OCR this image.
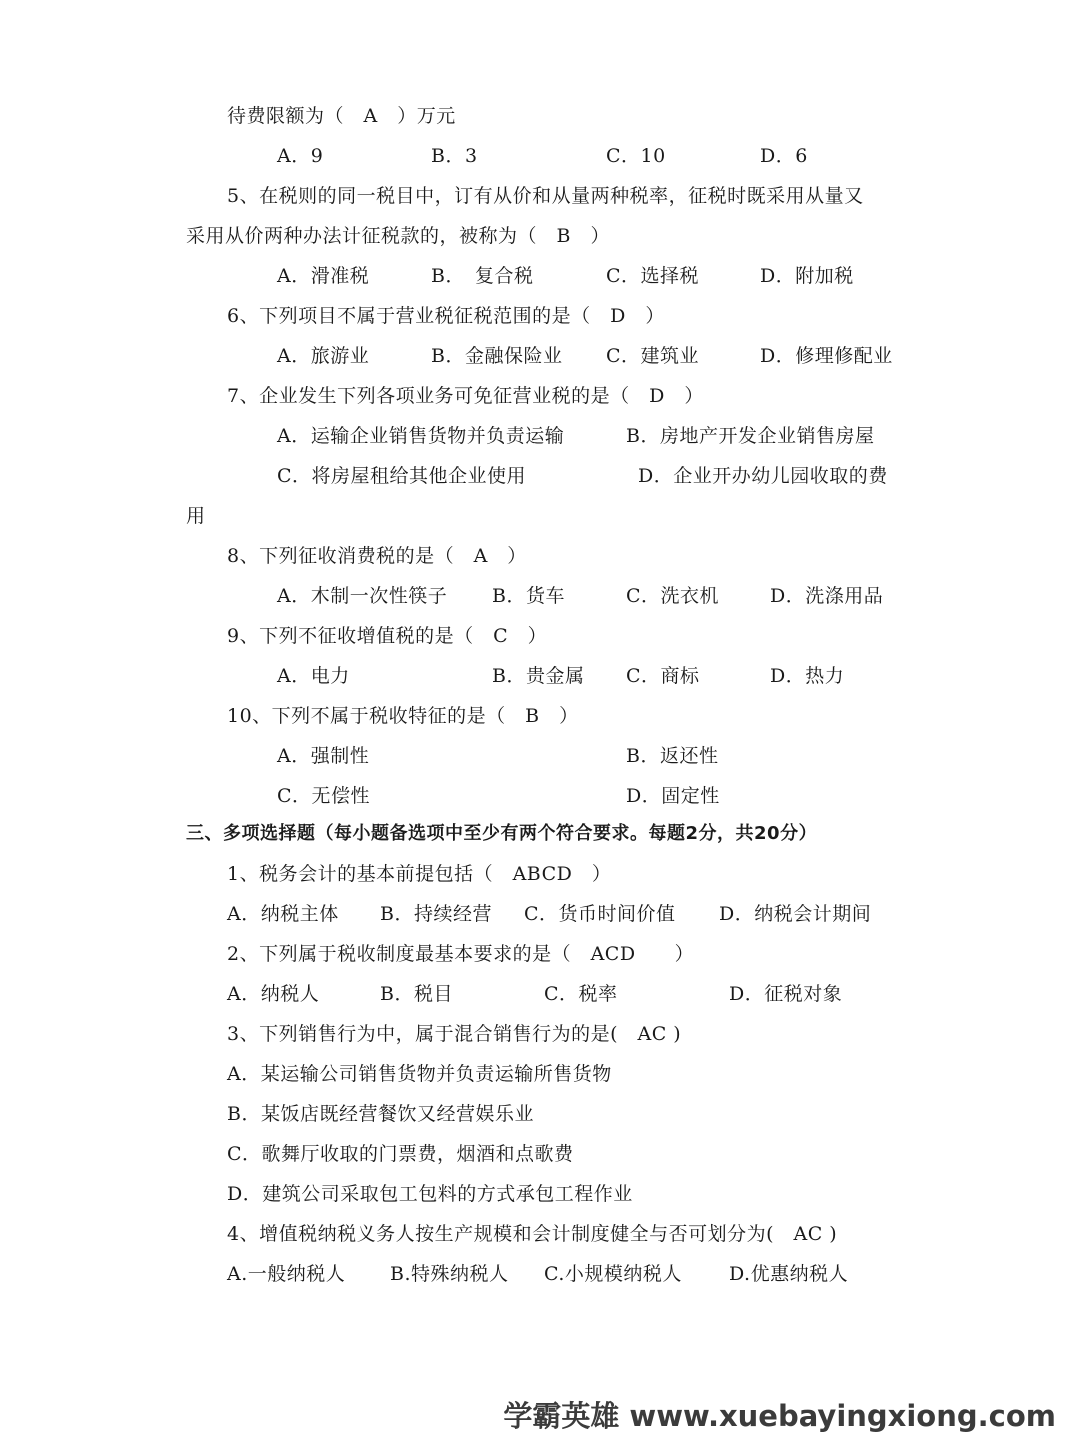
待费限额为（　A　）万元
A．9	B．3	C．10	D．6
5、在税则的同一税目中，订有从价和从量两种税率，征税时既采用从量又
采用从价两种办法计征税款的，被称为（　B　）
A．滑准税	B．　复合税	C．选择税	D．附加税
6、下列项目不属于营业税征税范围的是（　D　）
A．旅游业	B．金融保险业 C．建筑业	D．修理修配业
7、企业发生下列各项业务可免征营业税的是（　D　）
A．运输企业销售货物并负责运输	B．房地产开发企业销售房屋
C．将房屋租给其他企业使用	D．企业开办幼儿园收取的费
用
8、下列征收消费税的是（　A　）
A．木制一次性筷子 B．货车	C．洗衣机	D．洗涤用品
9、下列不征收增值税的是（　C　）
A．电力	B．贵金属 C．商标	D．热力
10、下列不属于税收特征的是（　B　）
A．强制性	B．返还性
C．无偿性	D．固定性
三、多项选择题（每小题备选项中至少有两个符合要求。每题2分，共20分）
1、税务会计的基本前提包括（　ABCD　）
A．纳税主体 B．持续经营 C．货币时间价值 D．纳税会计期间
2、下列属于税收制度最基本要求的是（　ACD　　）
A．纳税人	B．税目	C．税率	D．征税对象
3、下列销售行为中，属于混合销售行为的是(　AC )
A．某运输公司销售货物并负责运输所售货物
B．某饭店既经营餐饮又经营娱乐业
C．歌舞厅收取的门票费，烟酒和点歌费
D．建筑公司采取包工包料的方式承包工程作业
4、增值税纳税义务人按生产规模和会计制度健全与否可划分为(　AC )
A.一般纳税人 B.特殊纳税人 C.小规模纳税人 D.优惠纳税人
学霸英雄 www.xuebayingxiong.com
